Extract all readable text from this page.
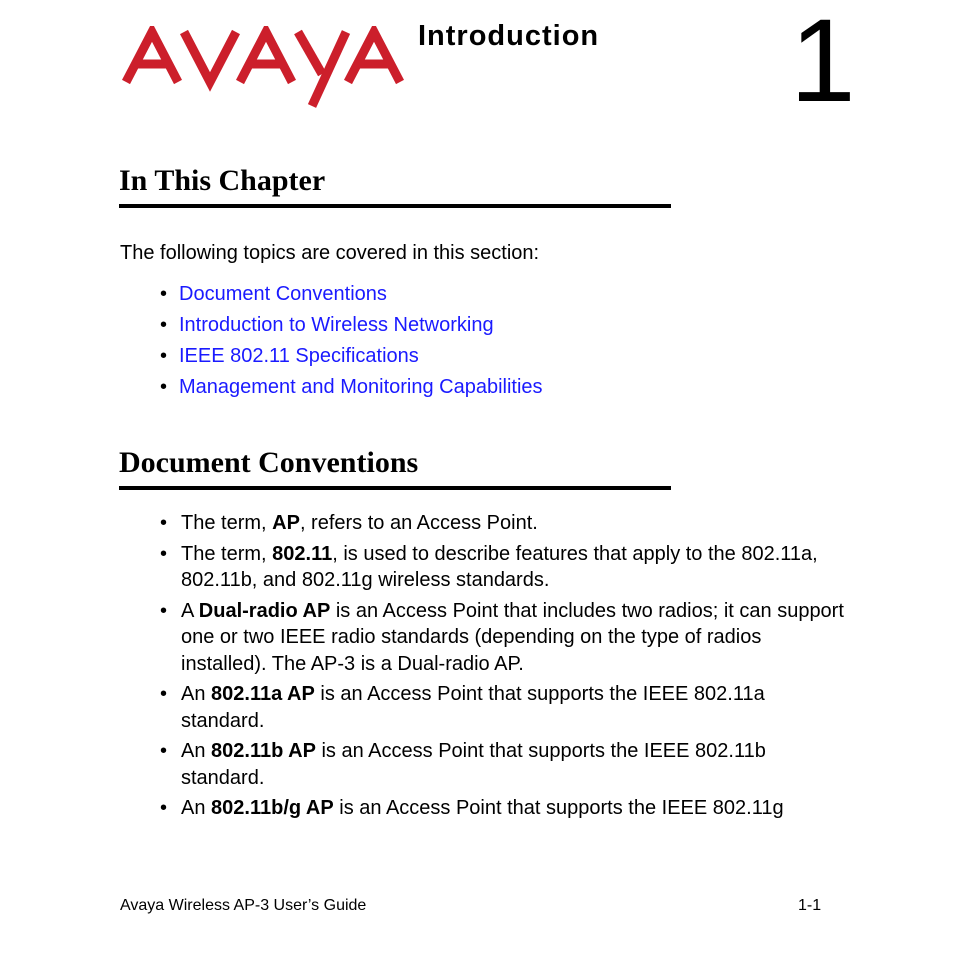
Introduction 1
In This Chapter
The following topics are covered in this section:
• Document Conventions
• Introduction to Wireless Networking
• IEEE 802.11 Specifications
• Management and Monitoring Capabilities
Document Conventions
• The term, AP, refers to an Access Point.
• The term, 802.11, is used to describe features that apply to the 802.11a, 802.11b, and 802.11g wireless standards.
• A Dual-radio AP is an Access Point that includes two radios; it can support one or two IEEE radio standards (depending on the type of radios installed). The AP-3 is a Dual-radio AP.
• An 802.11a AP is an Access Point that supports the IEEE 802.11a standard.
• An 802.11b AP is an Access Point that supports the IEEE 802.11b standard.
• An 802.11b/g AP is an Access Point that supports the IEEE 802.11g
Avaya Wireless AP-3 User’s Guide	1-1
